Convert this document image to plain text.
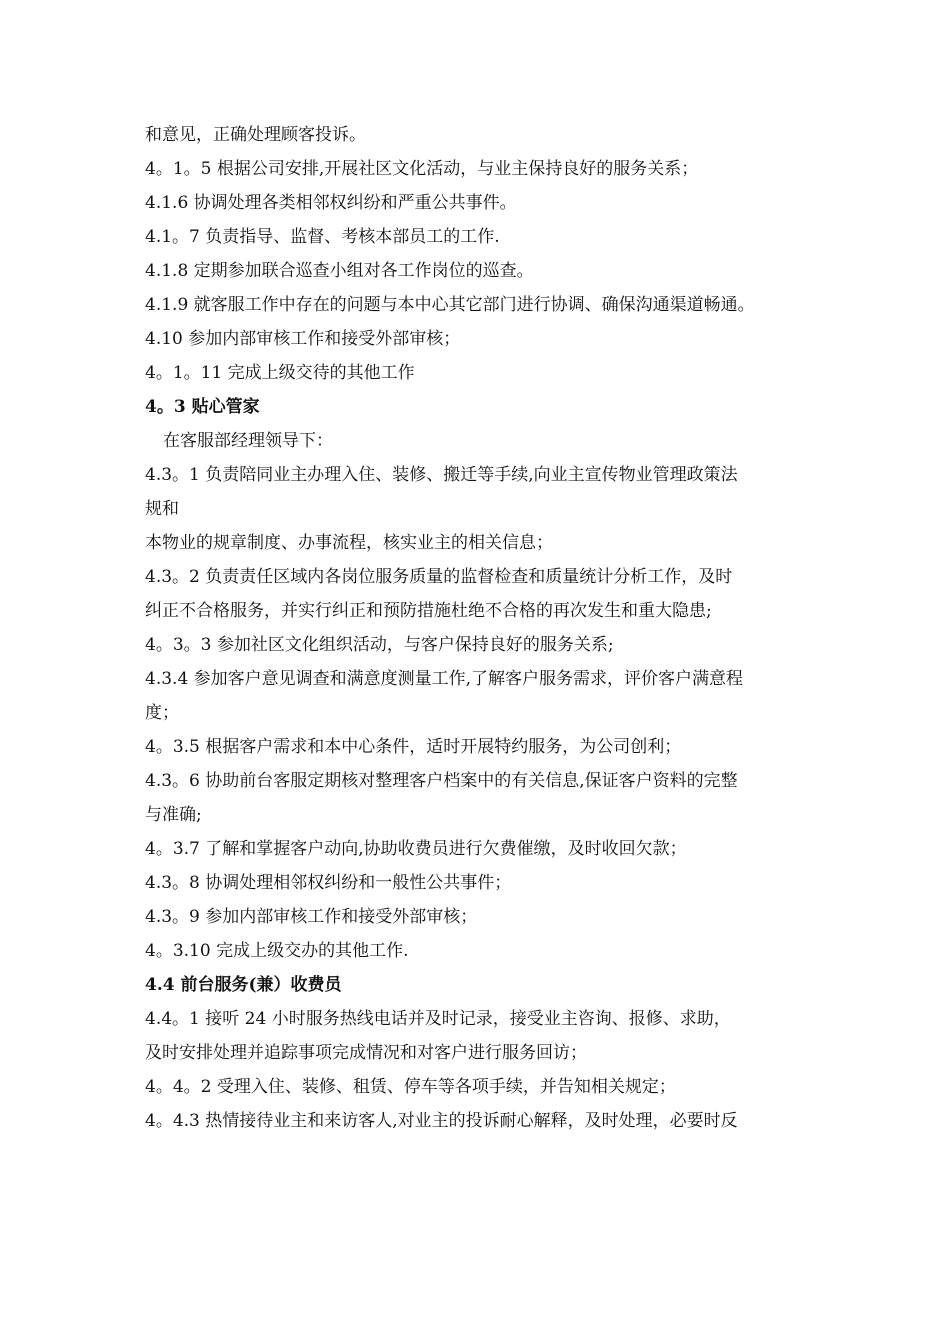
和意见，正确处理顾客投诉。
4。1。5 根据公司安排,开展社区文化活动，与业主保持良好的服务关系；
4.1.6 协调处理各类相邻权纠纷和严重公共事件。
4.1。7 负责指导、监督、考核本部员工的工作.
4.1.8 定期参加联合巡查小组对各工作岗位的巡查。
4.1.9 就客服工作中存在的问题与本中心其它部门进行协调、确保沟通渠道畅通。
4.10 参加内部审核工作和接受外部审核；
4。1。11 完成上级交待的其他工作
4。3 贴心管家
在客服部经理领导下：
4.3。1 负责陪同业主办理入住、装修、搬迁等手续,向业主宣传物业管理政策法
规和
本物业的规章制度、办事流程，核实业主的相关信息；
4.3。2 负责责任区域内各岗位服务质量的监督检查和质量统计分析工作，及时
纠正不合格服务，并实行纠正和预防措施杜绝不合格的再次发生和重大隐患;
4。3。3 参加社区文化组织活动，与客户保持良好的服务关系;
4.3.4 参加客户意见调查和满意度测量工作,了解客户服务需求，评价客户满意程
度；
4。3.5 根据客户需求和本中心条件，适时开展特约服务，为公司创利；
4.3。6 协助前台客服定期核对整理客户档案中的有关信息,保证客户资料的完整
与准确;
4。3.7 了解和掌握客户动向,协助收费员进行欠费催缴，及时收回欠款；
4.3。8 协调处理相邻权纠纷和一般性公共事件；
4.3。9 参加内部审核工作和接受外部审核；
4。3.10 完成上级交办的其他工作.
4.4 前台服务(兼）收费员
4.4。1 接听 24 小时服务热线电话并及时记录，接受业主咨询、报修、求助，
及时安排处理并追踪事项完成情况和对客户进行服务回访；
4。4。2 受理入住、装修、租赁、停车等各项手续，并告知相关规定；
4。4.3 热情接待业主和来访客人,对业主的投诉耐心解释，及时处理，必要时反
